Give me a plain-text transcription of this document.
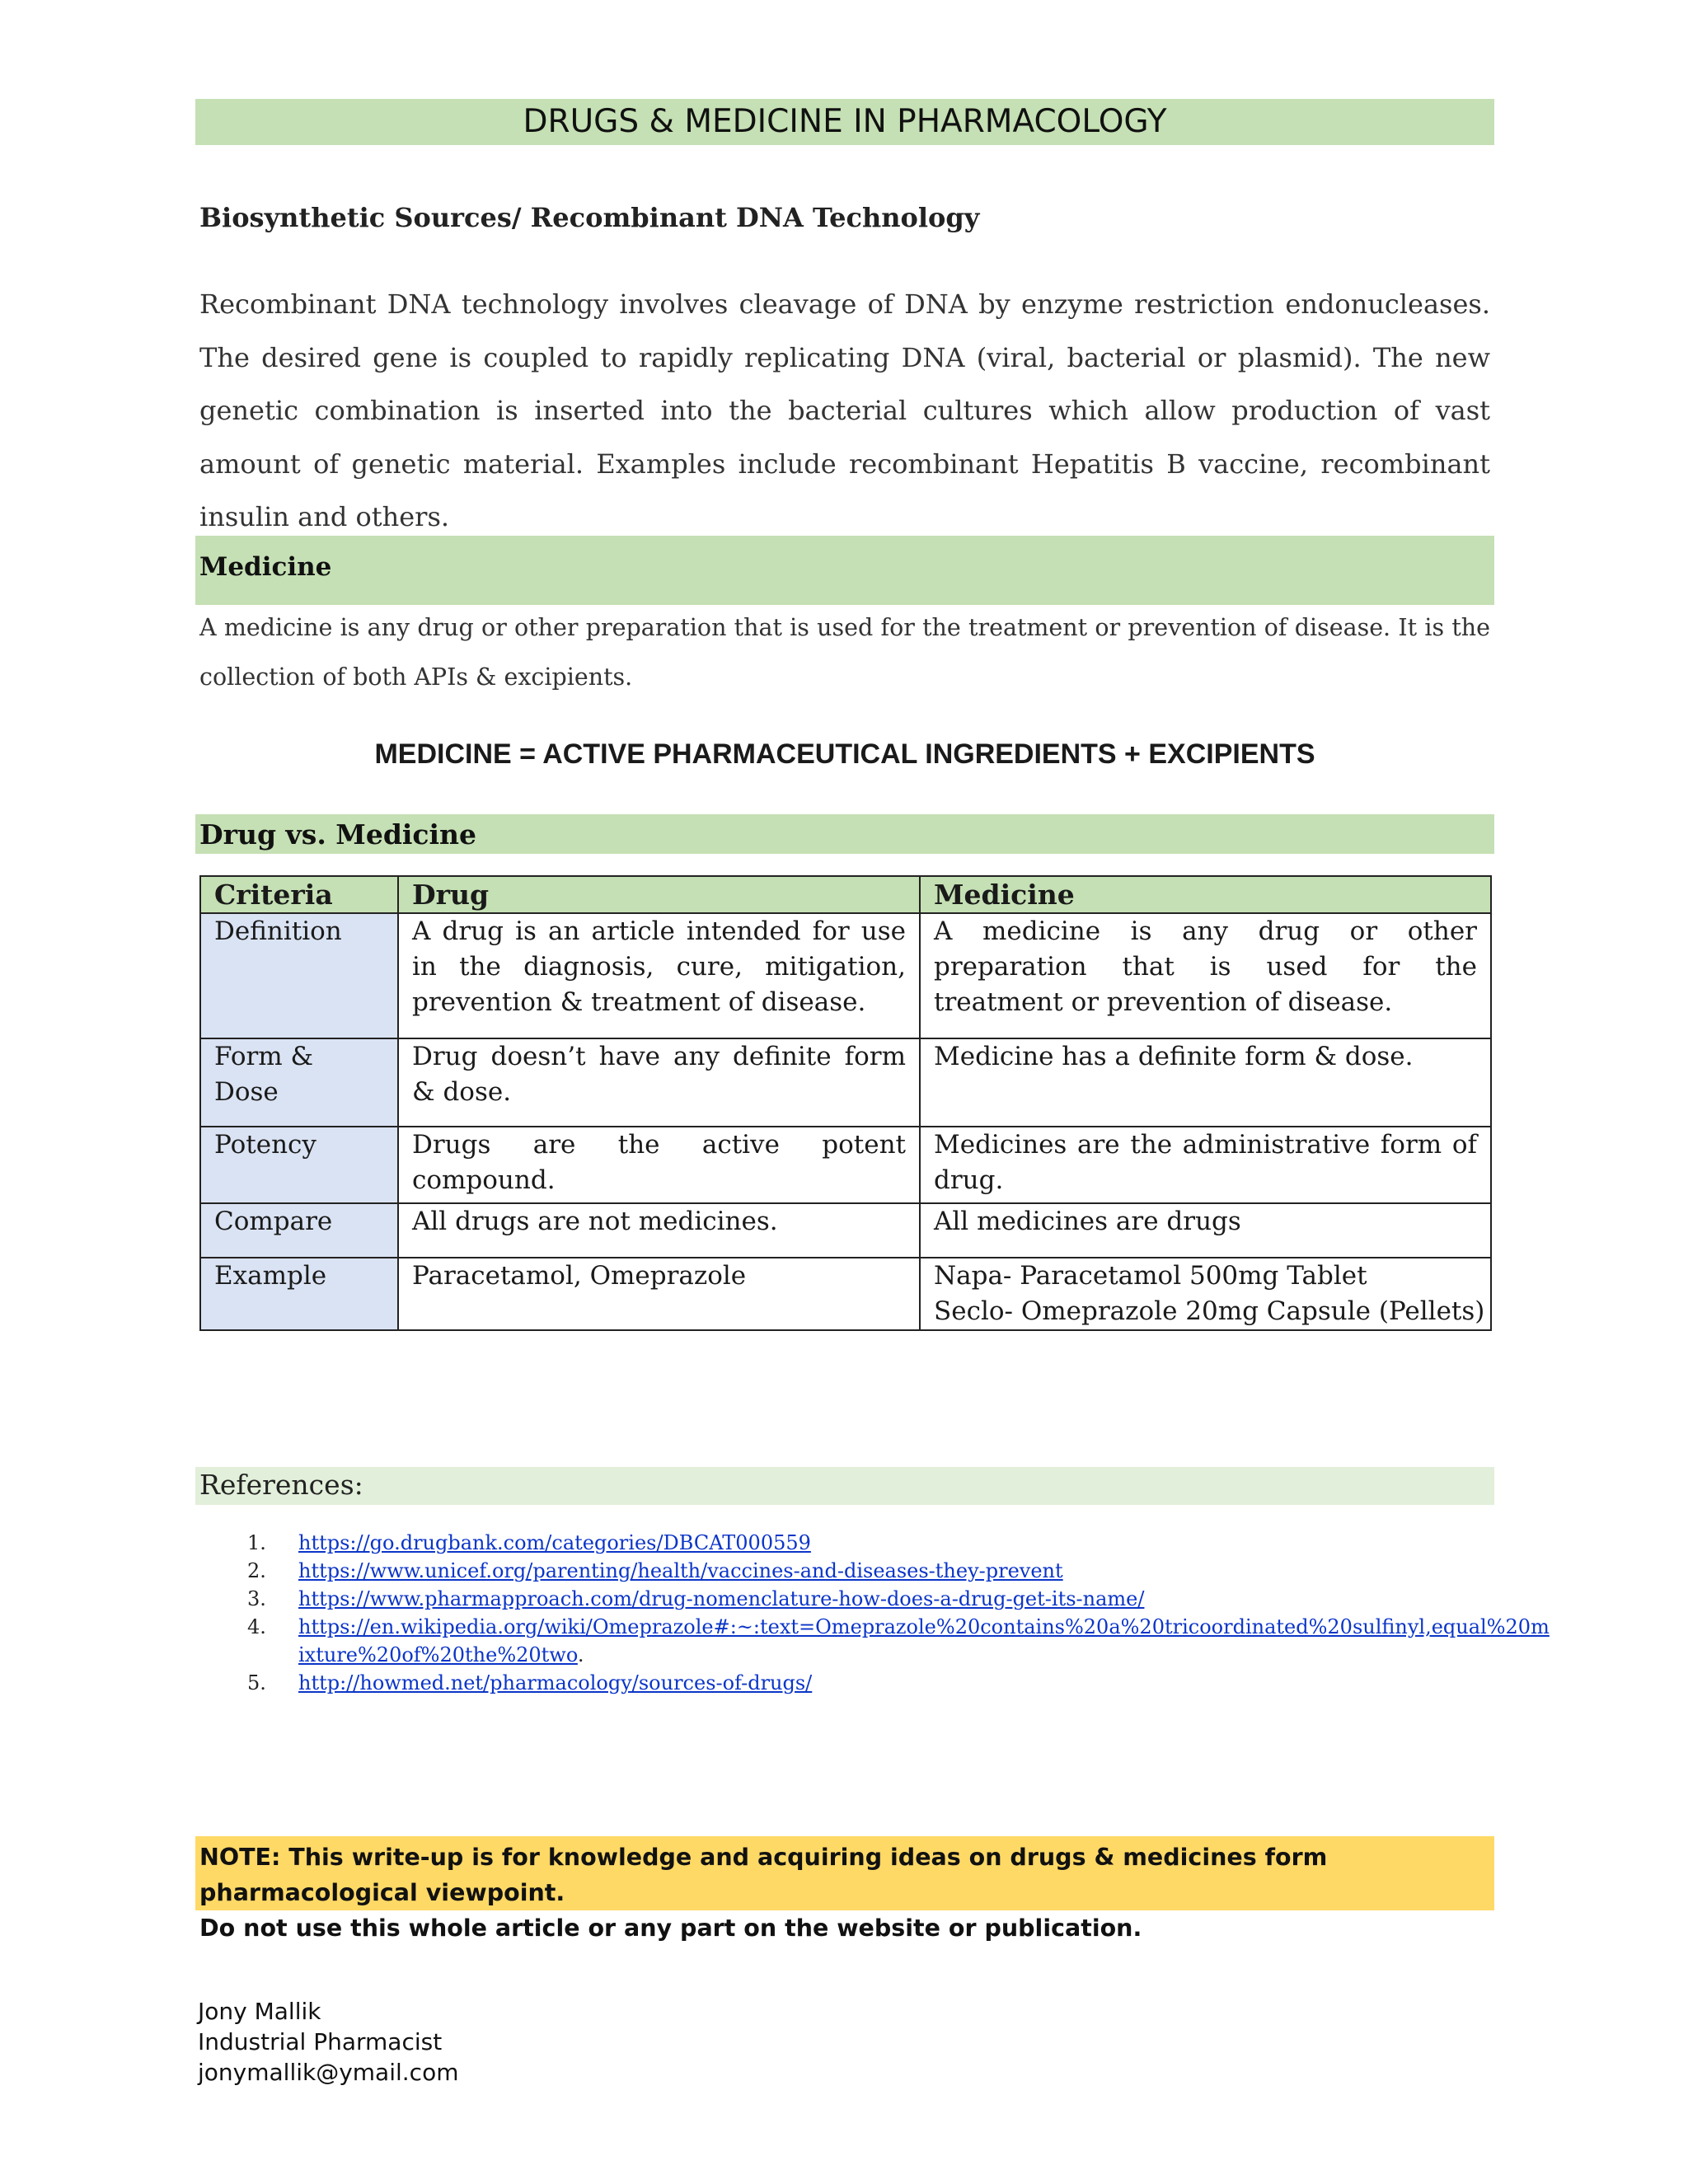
DRUGS & MEDICINE IN PHARMACOLOGY
Biosynthetic Sources/ Recombinant DNA Technology
Recombinant DNA technology involves cleavage of DNA by enzyme restriction endonucleases. The desired gene is coupled to rapidly replicating DNA (viral, bacterial or plasmid). The new genetic combination is inserted into the bacterial cultures which allow production of vast amount of genetic material. Examples include recombinant Hepatitis B vaccine, recombinant insulin and others.
Medicine
A medicine is any drug or other preparation that is used for the treatment or prevention of disease. It is the collection of both APIs & excipients.
MEDICINE = ACTIVE PHARMACEUTICAL INGREDIENTS + EXCIPIENTS
Drug vs. Medicine
Criteria	Drug	Medicine
Definition	A drug is an article intended for use in the diagnosis, cure, mitigation, prevention & treatment of disease.	A medicine is any drug or other preparation that is used for the treatment or prevention of disease.
Form & Dose	Drug doesn’t have any definite form & dose.	Medicine has a definite form & dose.
Potency	Drugs are the active potent compound.	Medicines are the administrative form of drug.
Compare	All drugs are not medicines.	All medicines are drugs
Example	Paracetamol, Omeprazole	Napa- Paracetamol 500mg Tablet
Seclo- Omeprazole 20mg Capsule (Pellets)
References:
1. https://go.drugbank.com/categories/DBCAT000559
2. https://www.unicef.org/parenting/health/vaccines-and-diseases-they-prevent
3. https://www.pharmapproach.com/drug-nomenclature-how-does-a-drug-get-its-name/
4. https://en.wikipedia.org/wiki/Omeprazole#:~:text=Omeprazole%20contains%20a%20tricoordinated%20sulfinyl,equal%20mixture%20of%20the%20two.
5. http://howmed.net/pharmacology/sources-of-drugs/

NOTE: This write-up is for knowledge and acquiring ideas on drugs & medicines form pharmacological viewpoint.
Do not use this whole article or any part on the website or publication.

Jony Mallik
Industrial Pharmacist
jonymallik@ymail.com
